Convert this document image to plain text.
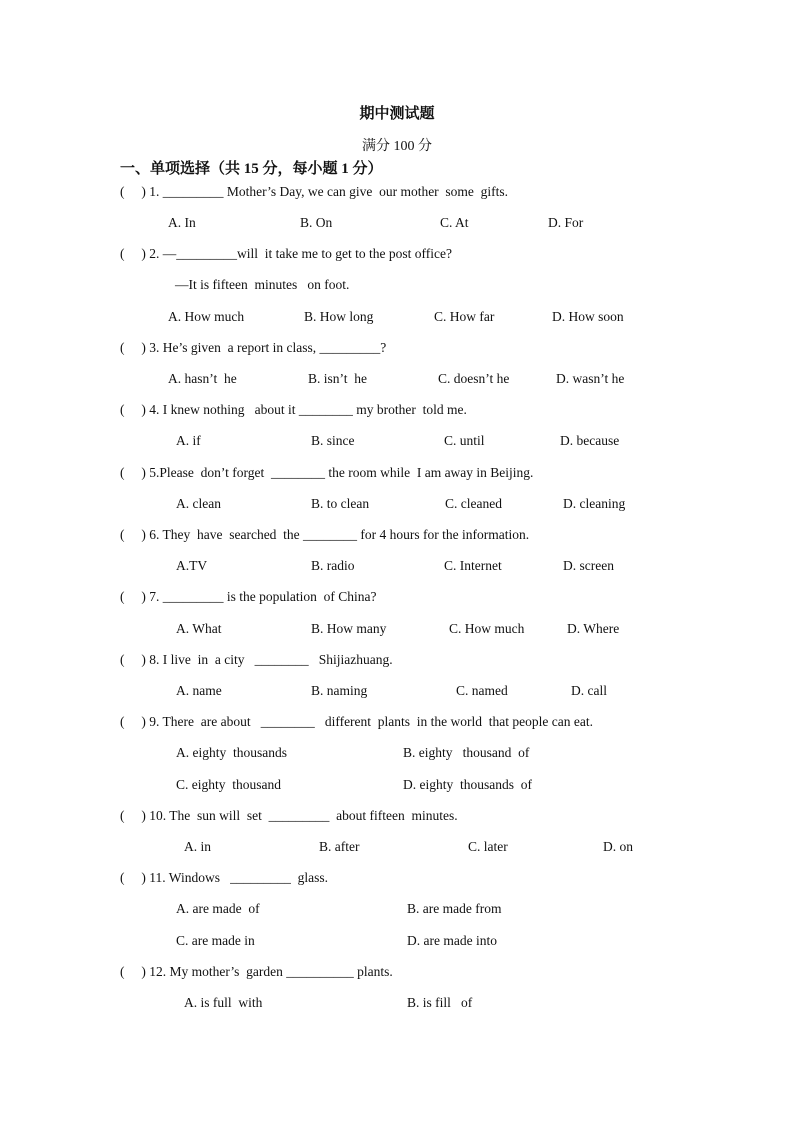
期中测试题
满分 100 分
一、单项选择（共 15 分，每小题 1 分）
(     ) 1. _________ Mother’s Day, we can give  our mother  some  gifts.
A. In	B. On	C. At	D. For
(     ) 2. —_________will  it take me to get to the post office?
—It is fifteen  minutes   on foot.
A. How much	B. How long	C. How far	D. How soon
(     ) 3. He’s given  a report in class, _________?
A. hasn’t  he	B. isn’t  he	C. doesn’t he	D. wasn’t he
(     ) 4. I knew nothing   about it ________ my brother  told me.
A. if	B. since	C. until	D. because
(     ) 5.Please  don’t forget  ________ the room while  I am away in Beijing.
A. clean	B. to clean	C. cleaned	D. cleaning
(     ) 6. They  have  searched  the ________ for 4 hours for the information.
A.TV	B. radio	C. Internet	D. screen
(     ) 7. _________ is the population  of China?
A. What	B. How many	C. How much	D. Where
(     ) 8. I live  in  a city   ________   Shijiazhuang.
A. name	B. naming	C. named	D. call
(     ) 9. There  are about   ________   different  plants  in the world  that people can eat.
A. eighty  thousands	B. eighty   thousand  of
C. eighty  thousand	D. eighty  thousands  of
(     ) 10. The  sun will  set  _________  about fifteen  minutes.
A. in	B. after	C. later	D. on
(     ) 11. Windows   _________  glass.
A. are made  of	B. are made from
C. are made in	D. are made into
(     ) 12. My mother’s  garden __________ plants.
A. is full  with	B. is fill   of
